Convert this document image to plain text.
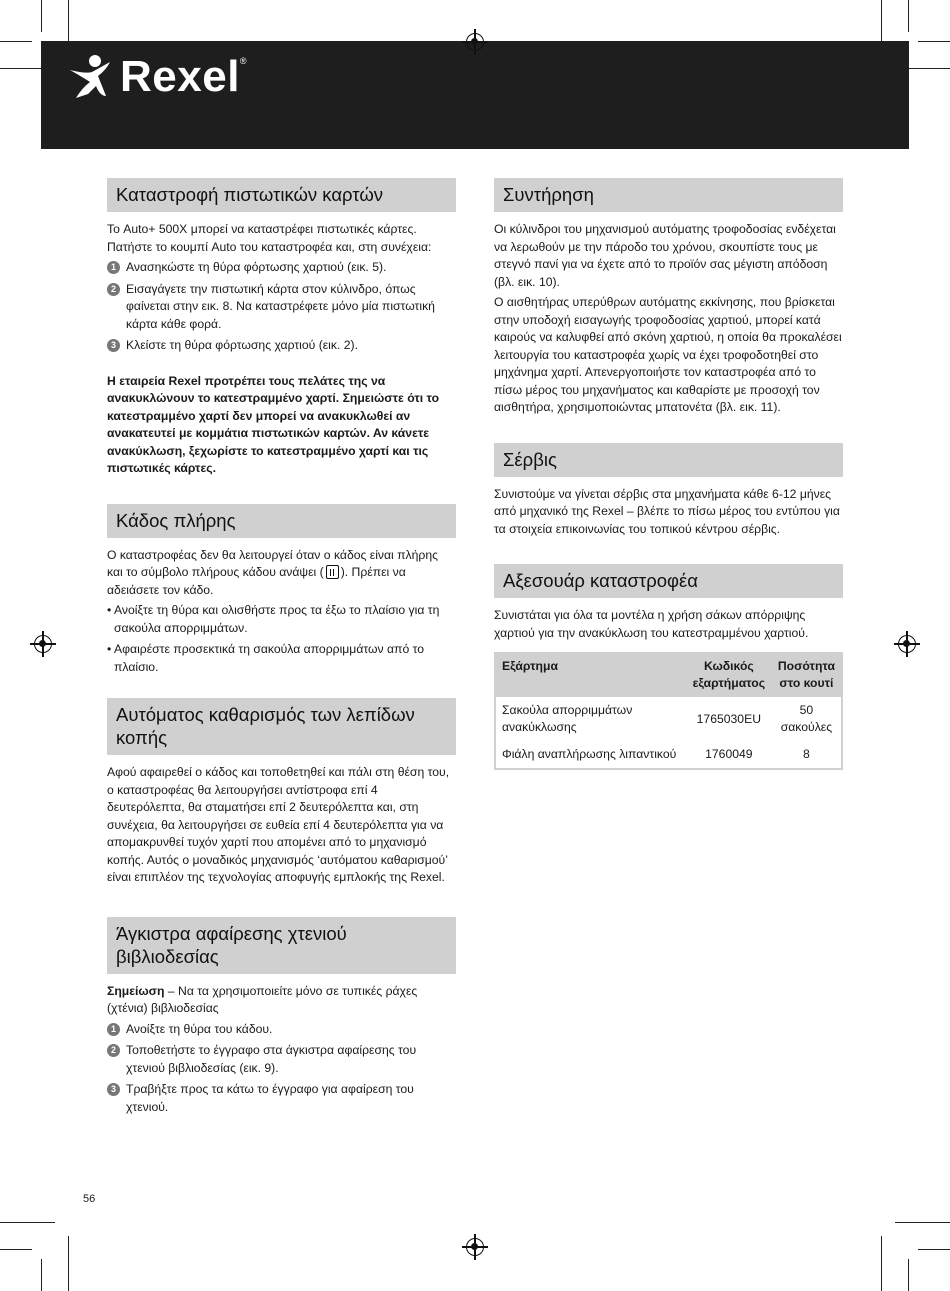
Rexel ®
Καταστροφή πιστωτικών καρτών

Το Auto+ 500X μπορεί να καταστρέφει πιστωτικές κάρτες. Πατήστε το κουμπί Auto του καταστροφέα και, στη συνέχεια:

1 Ανασηκώστε τη θύρα φόρτωσης χαρτιού (εικ. 5).
2 Εισαγάγετε την πιστωτική κάρτα στον κύλινδρο, όπως φαίνεται στην εικ. 8. Να καταστρέφετε μόνο μία πιστωτική κάρτα κάθε φορά.
3 Κλείστε τη θύρα φόρτωσης χαρτιού (εικ. 2).

Η εταιρεία Rexel προτρέπει τους πελάτες της να ανακυκλώνουν το κατεστραμμένο χαρτί. Σημειώστε ότι το κατεστραμμένο χαρτί δεν μπορεί να ανακυκλωθεί αν ανακατευτεί με κομμάτια πιστωτικών καρτών. Αν κάνετε ανακύκλωση, ξεχωρίστε το κατεστραμμένο χαρτί και τις πιστωτικές κάρτες.

Κάδος πλήρης

Ο καταστροφέας δεν θα λειτουργεί όταν ο κάδος είναι πλήρης και το σύμβολο πλήρους κάδου ανάψει ( ). Πρέπει να αδειάσετε τον κάδο.

• Ανοίξτε τη θύρα και ολισθήστε προς τα έξω το πλαίσιο για τη σακούλα απορριμμάτων.
• Αφαιρέστε προσεκτικά τη σακούλα απορριμμάτων από το πλαίσιο.
Αυτόματος καθαρισμός των λεπίδων κοπής

Αφού αφαιρεθεί ο κάδος και τοποθετηθεί και πάλι στη θέση του, ο καταστροφέας θα λειτουργήσει αντίστροφα επί 4 δευτερόλεπτα, θα σταματήσει επί 2 δευτερόλεπτα και, στη συνέχεια, θα λειτουργήσει σε ευθεία επί 4 δευτερόλεπτα για να απομακρυνθεί τυχόν χαρτί που απομένει από το μηχανισμό κοπής. Αυτός ο μοναδικός μηχανισμός ‘αυτόματου καθαρισμού’ είναι επιπλέον της τεχνολογίας αποφυγής εμπλοκής της Rexel.

Άγκιστρα αφαίρεσης χτενιού βιβλιοδεσίας

Σημείωση – Να τα χρησιμοποιείτε μόνο σε τυπικές ράχες (χτένια) βιβλιοδεσίας

1 Ανοίξτε τη θύρα του κάδου.
2 Τοποθετήστε το έγγραφο στα άγκιστρα αφαίρεσης του χτενιού βιβλιοδεσίας (εικ. 9).
3 Τραβήξτε προς τα κάτω το έγγραφο για αφαίρεση του χτενιού.
Συντήρηση

Οι κύλινδροι του μηχανισμού αυτόματης τροφοδοσίας ενδέχεται να λερωθούν με την πάροδο του χρόνου, σκουπίστε τους με στεγνό πανί για να έχετε από το προϊόν σας μέγιστη απόδοση (βλ. εικ. 10).

Ο αισθητήρας υπερύθρων αυτόματης εκκίνησης, που βρίσκεται στην υποδοχή εισαγωγής τροφοδοσίας χαρτιού, μπορεί κατά καιρούς να καλυφθεί από σκόνη χαρτιού, η οποία θα προκαλέσει λειτουργία του καταστροφέα χωρίς να έχει τροφοδοτηθεί στο μηχάνημα χαρτί. Απενεργοποιήστε τον καταστροφέα από το πίσω μέρος του μηχανήματος και καθαρίστε με προσοχή τον αισθητήρα, χρησιμοποιώντας μπατονέτα (βλ. εικ. 11).

Σέρβις

Συνιστούμε να γίνεται σέρβις στα μηχανήματα κάθε 6-12 μήνες από μηχανικό της Rexel – βλέπε το πίσω μέρος του εντύπου για τα στοιχεία επικοινωνίας του τοπικού κέντρου σέρβις.

Αξεσουάρ καταστροφέα

Συνιστάται για όλα τα μοντέλα η χρήση σάκων απόρριψης χαρτιού για την ανακύκλωση του κατεστραμμένου χαρτιού.

Εξάρτημα	Κωδικός εξαρτήματος	Ποσότητα στο κουτί
Σακούλα απορριμμάτων ανακύκλωσης	1765030EU	50 σακούλες
Φιάλη αναπλήρωσης λιπαντικού	1760049	8
56
